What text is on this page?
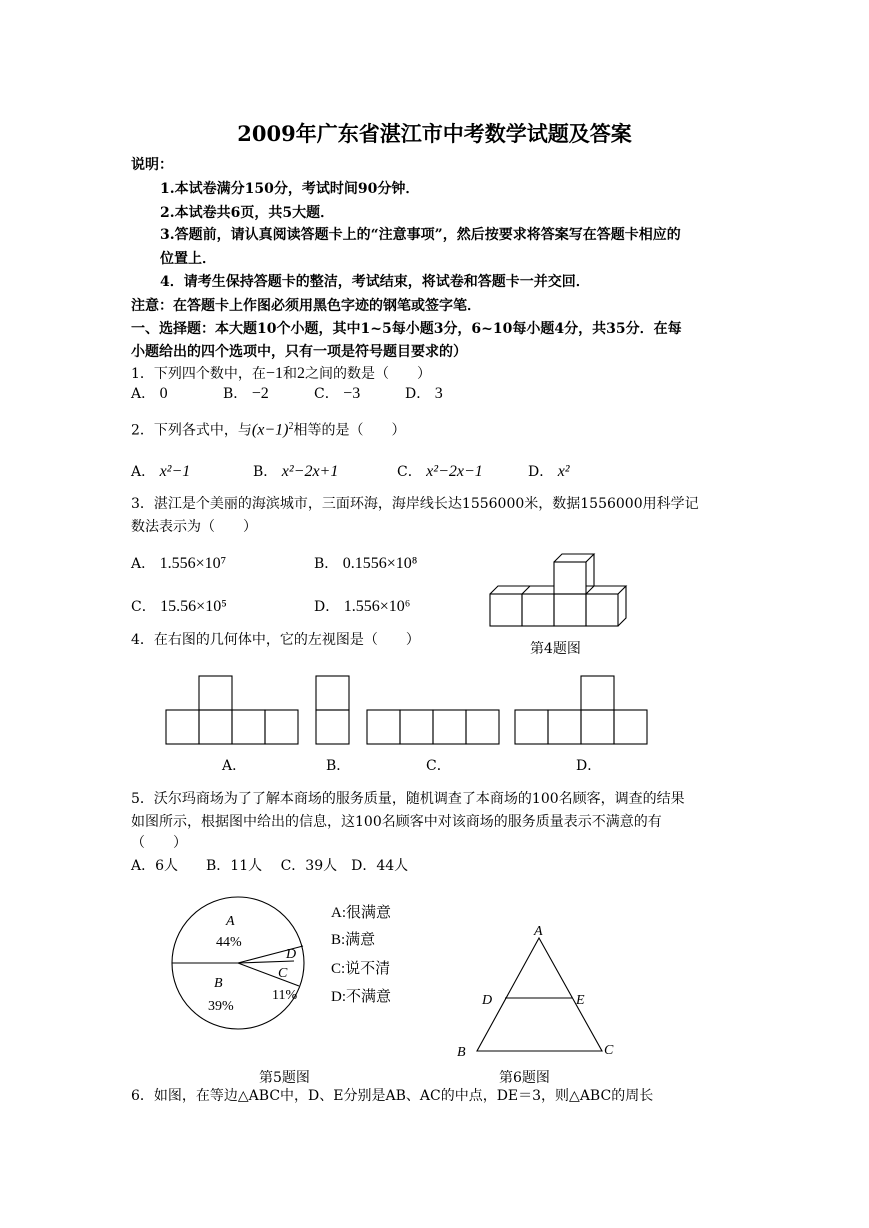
2009年广东省湛江市中考数学试题及答案
说明：
1.本试卷满分150分，考试时间90分钟．
2.本试卷共6页，共5大题．
3.答题前，请认真阅读答题卡上的“注意事项”，然后按要求将答案写在答题卡相应的
位置上．
4．请考生保持答题卡的整洁，考试结束，将试卷和答题卡一并交回．
注意：在答题卡上作图必须用黑色字迹的钢笔或签字笔．
一、选择题：本大题10个小题，其中1~5每小题3分，6~10每小题4分，共35分．在每
小题给出的四个选项中，只有一项是符号题目要求的）
1．下列四个数中，在−1和2之间的数是（　　）
A． 0	B． −2	C． −3	D． 3
2．下列各式中，与$(x-1)^2$相等的是（　　）
A． x²−1	B． x²−2x+1	C． x²−2x−1	D． x²
3．湛江是个美丽的海滨城市，三面环海，海岸线长达1556000米，数据1556000用科学记
数法表示为（　　）
A． 1.556×10⁷	B． 0.1556×10⁸
C． 15.56×10⁵	D． 1.556×10⁶
第4题图
4．在右图的几何体中，它的左视图是（　　）
A．	B．	C．	D．
5．沃尔玛商场为了了解本商场的服务质量，随机调查了本商场的100名顾客，调查的结果
如图所示，根据图中给出的信息，这100名顾客中对该商场的服务质量表示不满意的有
（　　）
A．6人　　B．11人　 C．39人　D．44人
A
44%
D
C
11%
B
39%
A:很满意
B:满意
C:说不清
D:不满意
第5题图
A
D	E
B	C
第6题图
6．如图，在等边△ABC中，D、E分别是AB、AC的中点，DE＝3，则△ABC的周长
